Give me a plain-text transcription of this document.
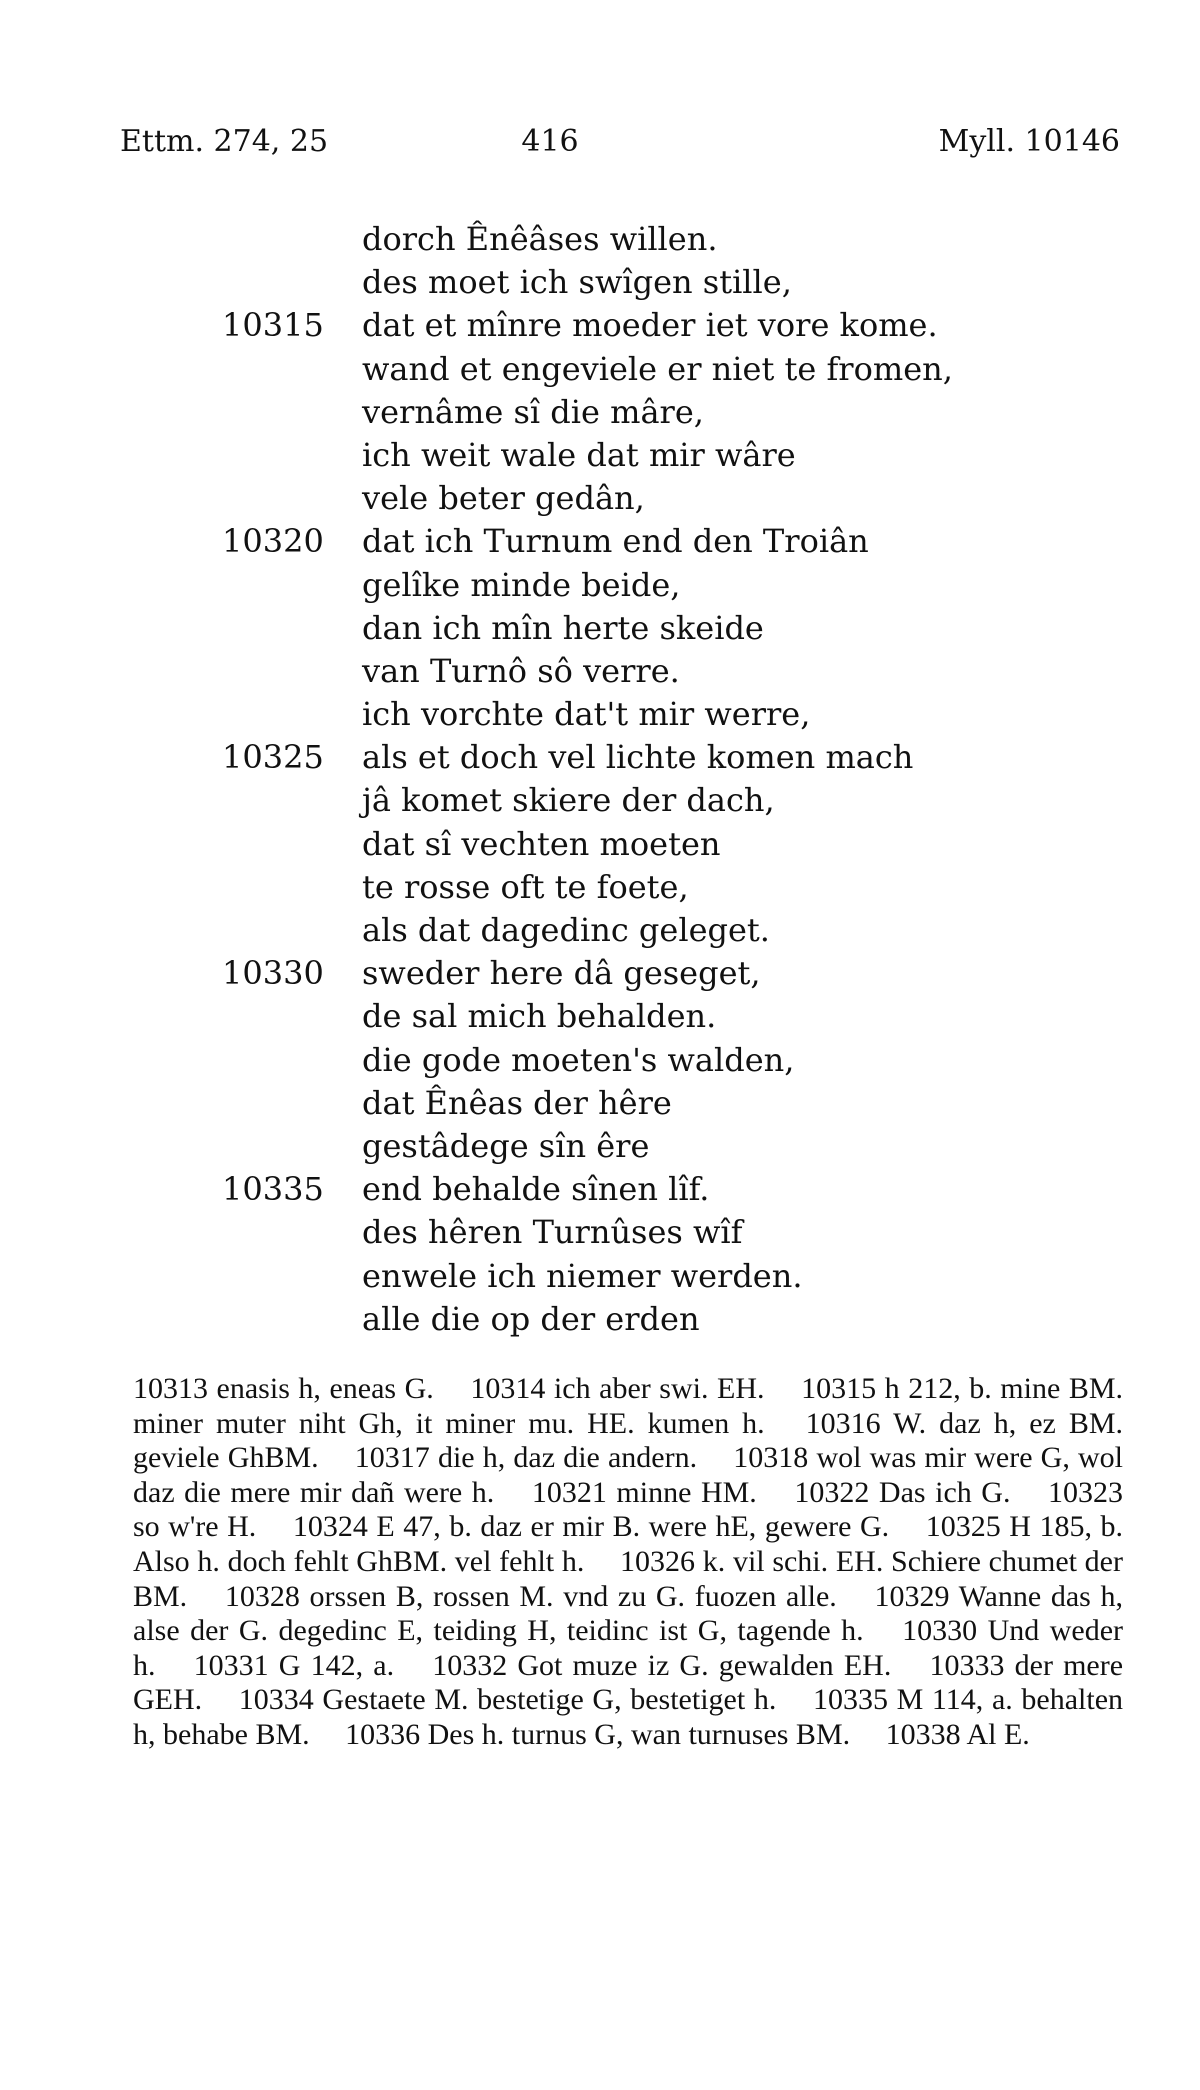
Ettm. 274, 25	416	Myll. 10146
dorch Ênêâses willen.
des moet ich swîgen stille,
10315 dat et mînre moeder iet vore kome.
wand et engeviele er niet te fromen,
vernâme sî die mâre,
ich weit wale dat mir wâre
vele beter gedân,
10320 dat ich Turnum end den Troiân
gelîke minde beide,
dan ich mîn herte skeide
van Turnô sô verre.
ich vorchte dat't mir werre,
10325 als et doch vel lichte komen mach
jâ komet skiere der dach,
dat sî vechten moeten
te rosse oft te foete,
als dat dagedinc geleget.
10330 sweder here dâ geseget,
de sal mich behalden.
die gode moeten's walden,
dat Ênêas der hêre
gestâdege sîn êre
10335 end behalde sînen lîf.
des hêren Turnûses wîf
enwele ich niemer werden.
alle die op der erden
10313 enasis h, eneas G. 10314 ich aber swi. EH. 10315 h 212, b. mine BM. miner muter niht Gh, it miner mu. HE. kumen h. 10316 W. daz h, ez BM. geviele GhBM. 10317 die h, daz die andern. 10318 wol was mir were G, wol daz die mere mir dañ were h. 10321 minne HM. 10322 Das ich G. 10323 so w're H. 10324 E 47, b. daz er mir B. were hE, gewere G. 10325 H 185, b. Also h. doch fehlt GhBM. vel fehlt h. 10326 k. vil schi. EH. Schiere chumet der BM. 10328 orssen B, rossen M. vnd zu G. fuozen alle. 10329 Wanne das h, alse der G. degedinc E, teiding H, teidinc ist G, tagende h. 10330 Und weder h. 10331 G 142, a. 10332 Got muze iz G. gewalden EH. 10333 der mere GEH. 10334 Gestaete M. bestetige G, bestetiget h. 10335 M 114, a. behalten h, behabe BM. 10336 Des h. turnus G, wan turnuses BM. 10338 Al E.
